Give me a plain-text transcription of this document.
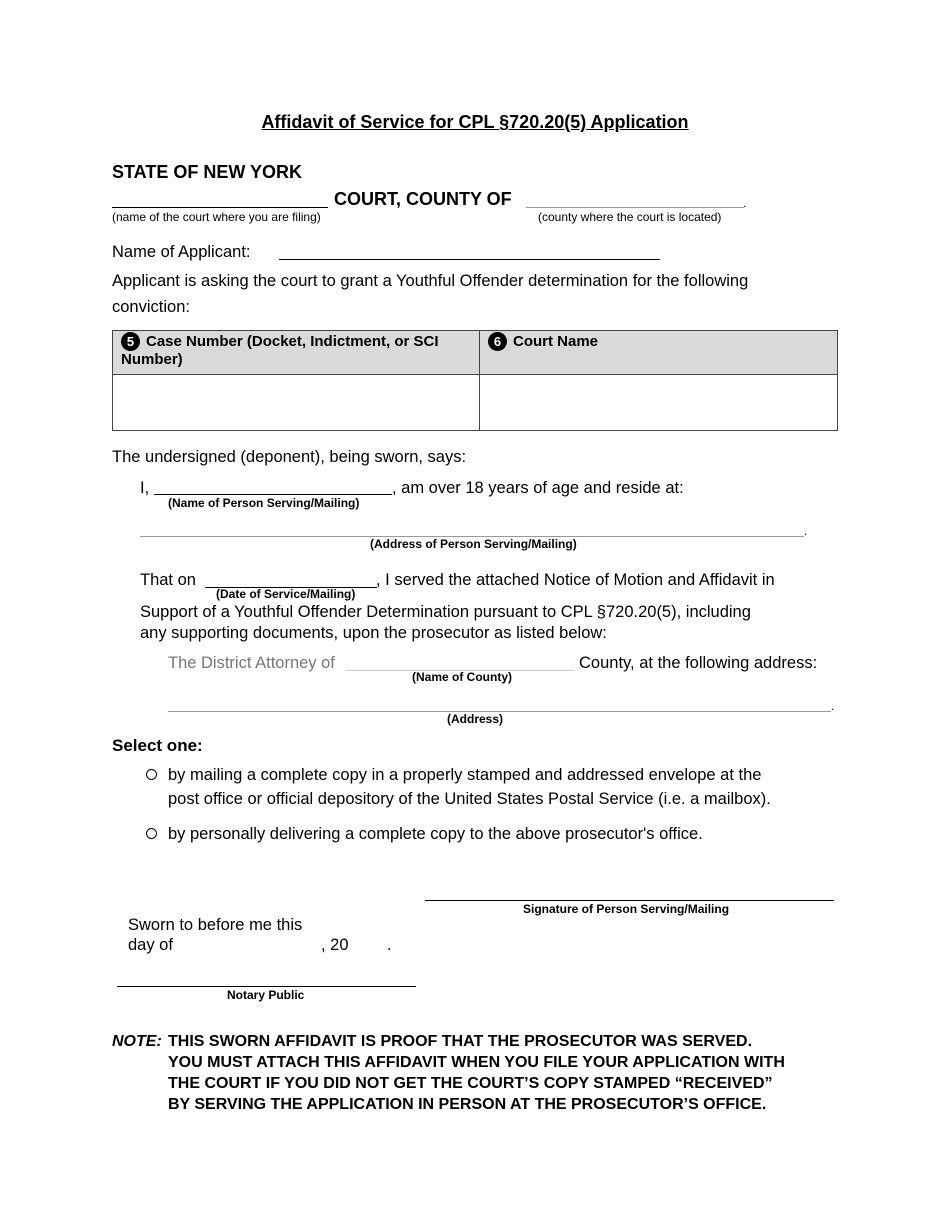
Affidavit of Service for CPL §720.20(5) Application
STATE OF NEW YORK
COURT, COUNTY OF	.
(name of the court where you are filing)	(county where the court is located)
Name of Applicant:
Applicant is asking the court to grant a Youthful Offender determination for the following conviction:
5 Case Number (Docket, Indictment, or SCI Number)	6 Court Name

The undersigned (deponent), being sworn, says:
I,	, am over 18 years of age and reside at:
(Name of Person Serving/Mailing)
.
(Address of Person Serving/Mailing)
That on	, I served the attached Notice of Motion and Affidavit in
(Date of Service/Mailing)
Support of a Youthful Offender Determination pursuant to CPL §720.20(5), including
any supporting documents, upon the prosecutor as listed below:
The District Attorney of	County, at the following address:
(Name of County)
.
(Address)
Select one:
by mailing a complete copy in a properly stamped and addressed envelope at the
post office or official depository of the United States Postal Service (i.e. a mailbox).
by personally delivering a complete copy to the above prosecutor's office.
Signature of Person Serving/Mailing
Sworn to before me this
day of	, 20 .
Notary Public
NOTE: THIS SWORN AFFIDAVIT IS PROOF THAT THE PROSECUTOR WAS SERVED.
YOU MUST ATTACH THIS AFFIDAVIT WHEN YOU FILE YOUR APPLICATION WITH
THE COURT IF YOU DID NOT GET THE COURT’S COPY STAMPED “RECEIVED”
BY SERVING THE APPLICATION IN PERSON AT THE PROSECUTOR’S OFFICE.
